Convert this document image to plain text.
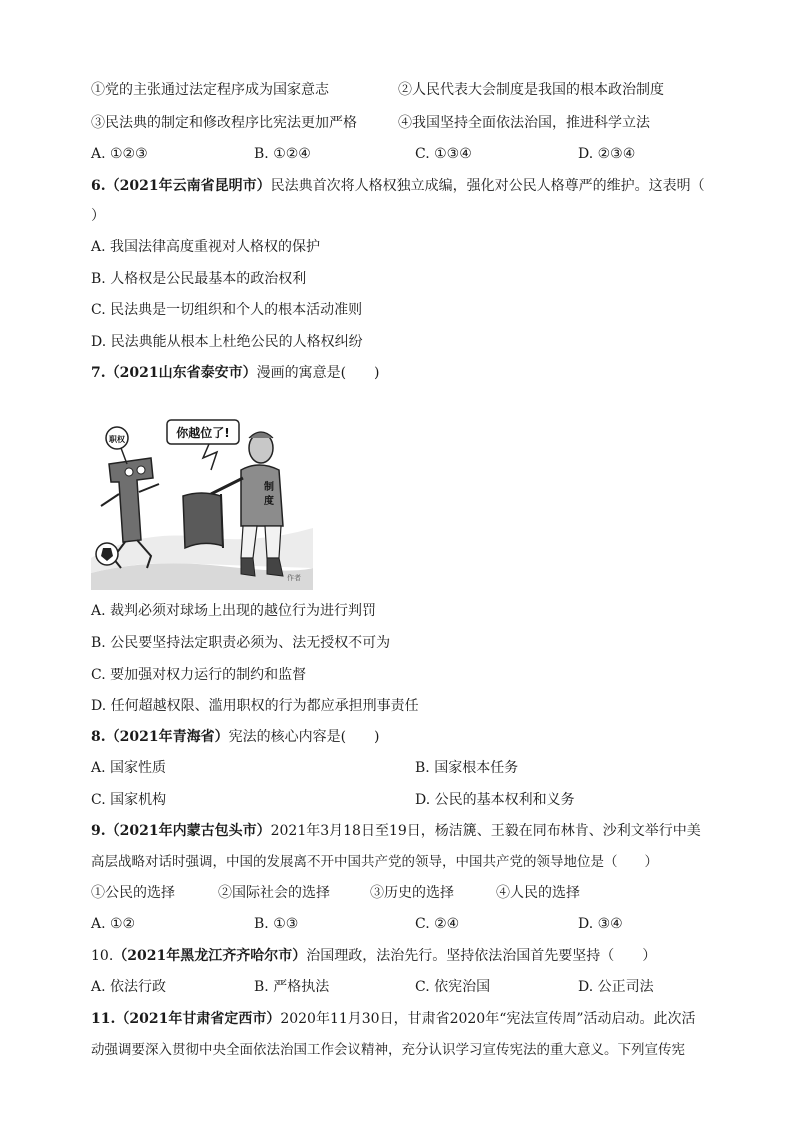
①党的主张通过法定程序成为国家意志	②人民代表大会制度是我国的根本政治制度
③民法典的制定和修改程序比宪法更加严格	④我国坚持全面依法治国，推进科学立法
A. ①②③	B. ①②④	C. ①③④	D. ②③④
6.（2021年云南省昆明市）民法典首次将人格权独立成编，强化对公民人格尊严的维护。这表明（
）
A. 我国法律高度重视对人格权的保护
B. 人格权是公民最基本的政治权利
C. 民法典是一切组织和个人的根本活动准则
D. 民法典能从根本上杜绝公民的人格权纠纷
7.（2021山东省泰安市）漫画的寓意是(　　)
你越位了!
制
度
职权
作者
A. 裁判必须对球场上出现的越位行为进行判罚
B. 公民要坚持法定职责必须为、法无授权不可为
C. 要加强对权力运行的制约和监督
D. 任何超越权限、滥用职权的行为都应承担刑事责任
8.（2021年青海省）宪法的核心内容是(　　)
A. 国家性质	B. 国家根本任务
C. 国家机构	D. 公民的基本权利和义务
9.（2021年内蒙古包头市）2021年3月18日至19日，杨洁篪、王毅在同布林肯、沙利文举行中美
高层战略对话时强调，中国的发展离不开中国共产党的领导，中国共产党的领导地位是（　　）
①公民的选择	②国际社会的选择	③历史的选择	④人民的选择
A. ①②	B. ①③	C. ②④	D. ③④
10.（2021年黑龙江齐齐哈尔市）治国理政，法治先行。坚持依法治国首先要坚持（　　）
A. 依法行政	B. 严格执法	C. 依宪治国	D. 公正司法
11.（2021年甘肃省定西市）2020年11月30日，甘肃省2020年“宪法宣传周”活动启动。此次活
动强调要深入贯彻中央全面依法治国工作会议精神，充分认识学习宣传宪法的重大意义。下列宣传宪
